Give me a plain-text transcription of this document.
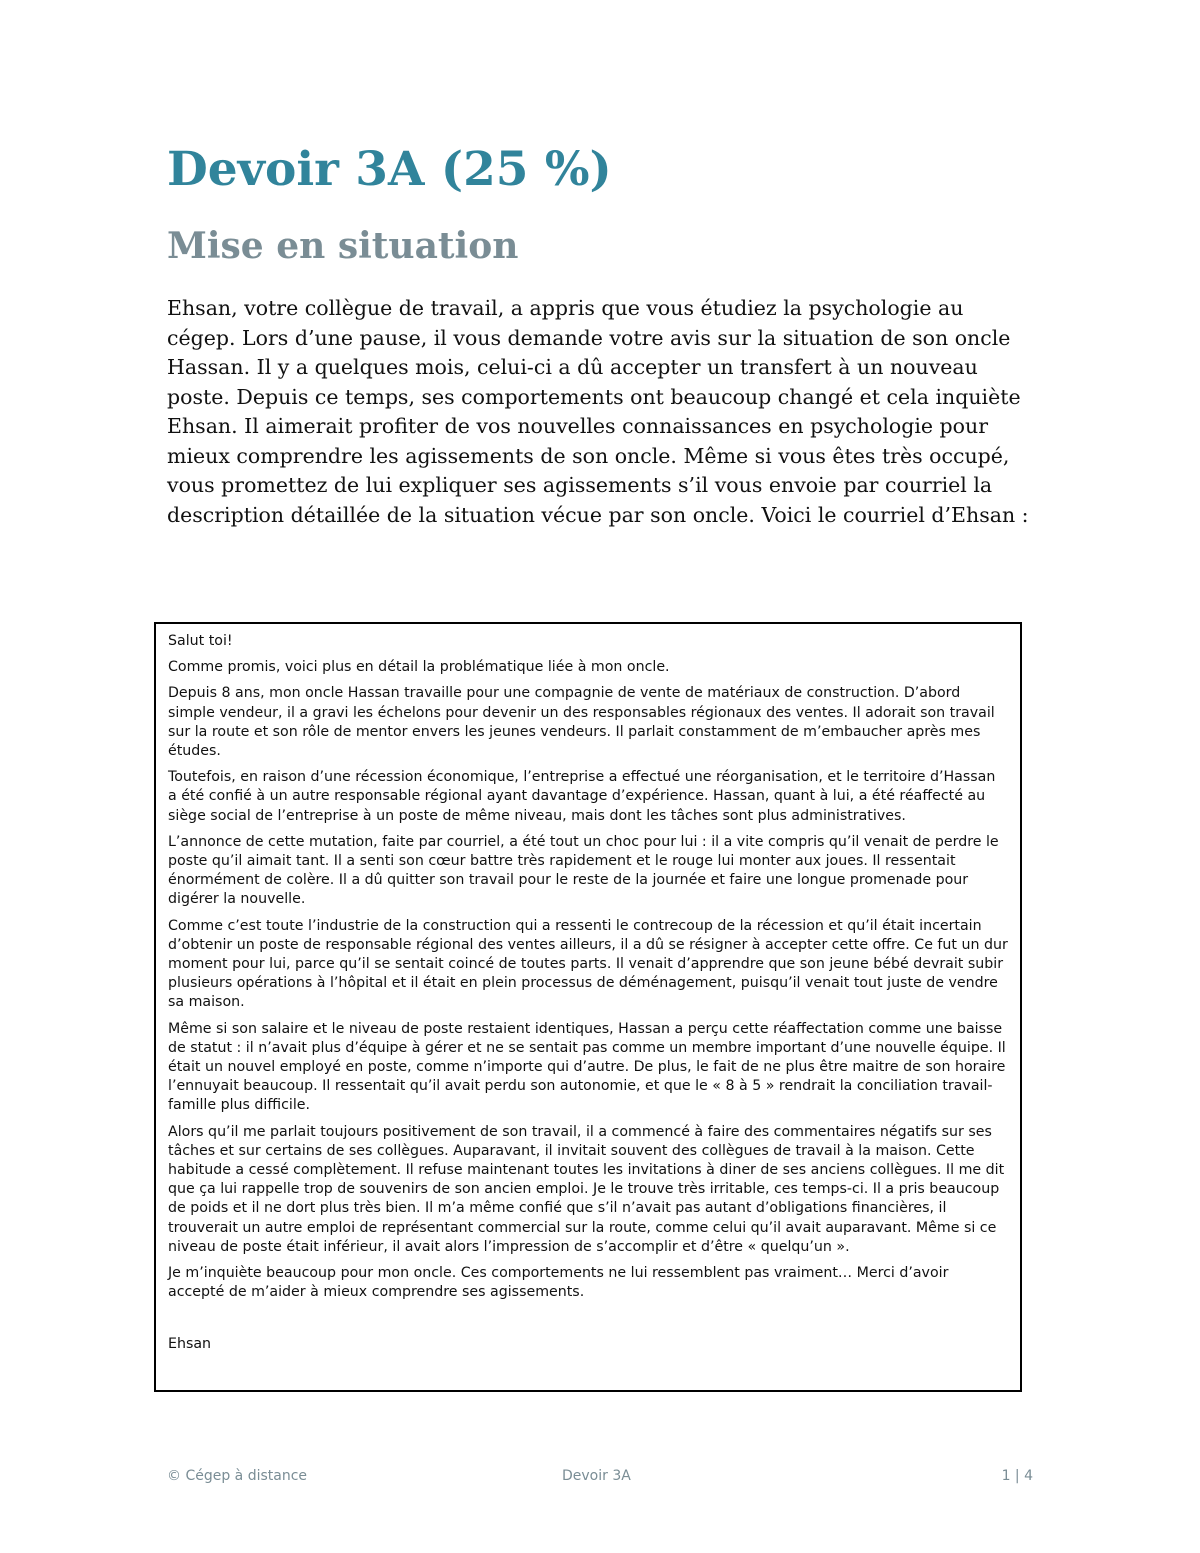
Devoir 3A (25 %)
Mise en situation

Ehsan, votre collègue de travail, a appris que vous étudiez la psychologie au cégep. Lors d’une pause, il vous demande votre avis sur la situation de son oncle Hassan. Il y a quelques mois, celui-ci a dû accepter un transfert à un nouveau poste. Depuis ce temps, ses comportements ont beaucoup changé et cela inquiète Ehsan. Il aimerait profiter de vos nouvelles connaissances en psychologie pour mieux comprendre les agissements de son oncle. Même si vous êtes très occupé, vous promettez de lui expliquer ses agissements s’il vous envoie par courriel la description détaillée de la situation vécue par son oncle. Voici le courriel d’Ehsan :

Salut toi!

Comme promis, voici plus en détail la problématique liée à mon oncle.

Depuis 8 ans, mon oncle Hassan travaille pour une compagnie de vente de matériaux de construction. D’abord simple vendeur, il a gravi les échelons pour devenir un des responsables régionaux des ventes. Il adorait son travail sur la route et son rôle de mentor envers les jeunes vendeurs. Il parlait constamment de m’embaucher après mes études.

Toutefois, en raison d’une récession économique, l’entreprise a effectué une réorganisation, et le territoire d’Hassan a été confié à un autre responsable régional ayant davantage d’expérience. Hassan, quant à lui, a été réaffecté au siège social de l’entreprise à un poste de même niveau, mais dont les tâches sont plus administratives.

L’annonce de cette mutation, faite par courriel, a été tout un choc pour lui : il a vite compris qu’il venait de perdre le poste qu’il aimait tant. Il a senti son cœur battre très rapidement et le rouge lui monter aux joues. Il ressentait énormément de colère. Il a dû quitter son travail pour le reste de la journée et faire une longue promenade pour digérer la nouvelle.

Comme c’est toute l’industrie de la construction qui a ressenti le contrecoup de la récession et qu’il était incertain d’obtenir un poste de responsable régional des ventes ailleurs, il a dû se résigner à accepter cette offre. Ce fut un dur moment pour lui, parce qu’il se sentait coincé de toutes parts. Il venait d’apprendre que son jeune bébé devrait subir plusieurs opérations à l’hôpital et il était en plein processus de déménagement, puisqu’il venait tout juste de vendre sa maison.

Même si son salaire et le niveau de poste restaient identiques, Hassan a perçu cette réaffectation comme une baisse de statut : il n’avait plus d’équipe à gérer et ne se sentait pas comme un membre important d’une nouvelle équipe. Il était un nouvel employé en poste, comme n’importe qui d’autre. De plus, le fait de ne plus être maitre de son horaire l’ennuyait beaucoup. Il ressentait qu’il avait perdu son autonomie, et que le « 8 à 5 » rendrait la conciliation travail-famille plus difficile.

Alors qu’il me parlait toujours positivement de son travail, il a commencé à faire des commentaires négatifs sur ses tâches et sur certains de ses collègues. Auparavant, il invitait souvent des collègues de travail à la maison. Cette habitude a cessé complètement. Il refuse maintenant toutes les invitations à diner de ses anciens collègues. Il me dit que ça lui rappelle trop de souvenirs de son ancien emploi. Je le trouve très irritable, ces temps-ci. Il a pris beaucoup de poids et il ne dort plus très bien. Il m’a même confié que s’il n’avait pas autant d’obligations financières, il trouverait un autre emploi de représentant commercial sur la route, comme celui qu’il avait auparavant. Même si ce niveau de poste était inférieur, il avait alors l’impression de s’accomplir et d’être « quelqu’un ».

Je m’inquiète beaucoup pour mon oncle. Ces comportements ne lui ressemblent pas vraiment… Merci d’avoir accepté de m’aider à mieux comprendre ses agissements.

Ehsan

© Cégep à distance	Devoir 3A	1 | 4
